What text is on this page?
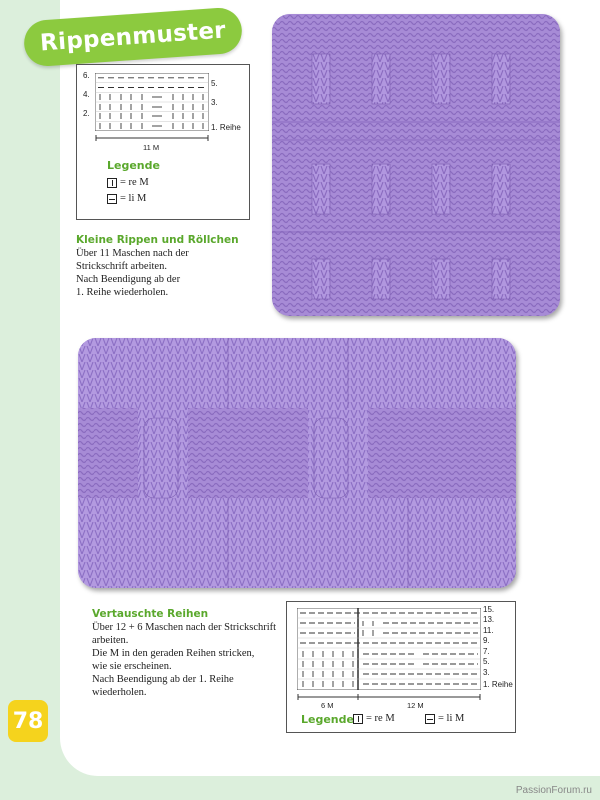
Rippenmuster
6.
4.
2.
5.
3.
1. Reihe
11 M
Legende
= re M
= li M
Kleine Rippen und Röllchen
Über 11 Maschen nach der
Strickschrift arbeiten.
Nach Beendigung ab der
1. Reihe wiederholen.
Vertauschte Reihen
Über 12 + 6 Maschen nach der Strickschrift
arbeiten.
Die M in den geraden Reihen stricken,
wie sie erscheinen.
Nach Beendigung ab der 1. Reihe
wiederholen.
15.
13.
11.
9.
7.
5.
3.
1. Reihe
6 M	12 M
Legende = re M	= li M
78
PassionForum.ru
